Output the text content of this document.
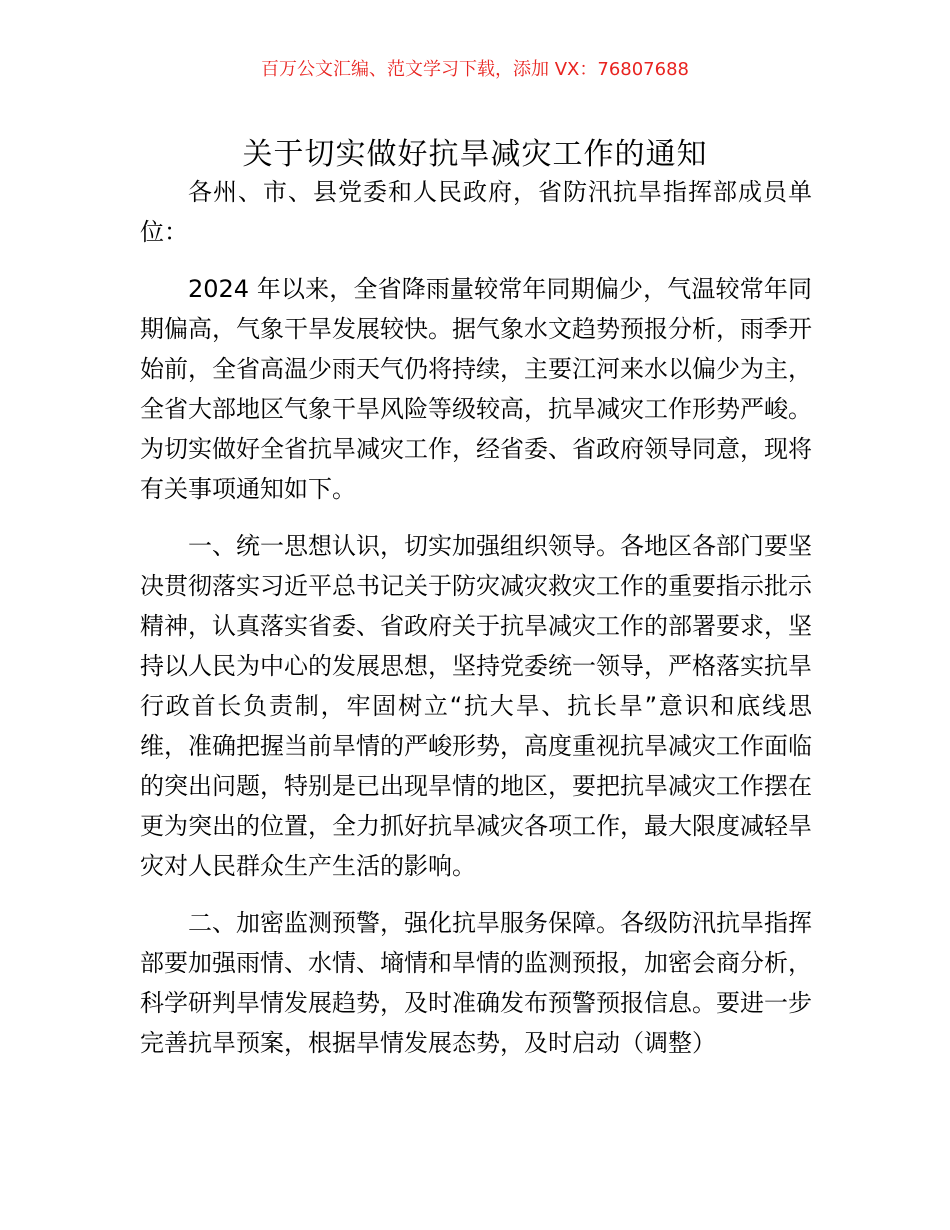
百万公文汇编、范文学习下载，添加 VX：76807688
关于切实做好抗旱减灾工作的通知

各州、市、县党委和人民政府，省防汛抗旱指挥部成员单位：

2024 年以来，全省降雨量较常年同期偏少，气温较常年同期偏高，气象干旱发展较快。据气象水文趋势预报分析，雨季开始前，全省高温少雨天气仍将持续，主要江河来水以偏少为主，全省大部地区气象干旱风险等级较高，抗旱减灾工作形势严峻。为切实做好全省抗旱减灾工作，经省委、省政府领导同意，现将有关事项通知如下。

一、统一思想认识，切实加强组织领导。各地区各部门要坚决贯彻落实习近平总书记关于防灾减灾救灾工作的重要指示批示精神，认真落实省委、省政府关于抗旱减灾工作的部署要求，坚持以人民为中心的发展思想，坚持党委统一领导，严格落实抗旱行政首长负责制，牢固树立“抗大旱、抗长旱”意识和底线思维，准确把握当前旱情的严峻形势，高度重视抗旱减灾工作面临的突出问题，特别是已出现旱情的地区，要把抗旱减灾工作摆在更为突出的位置，全力抓好抗旱减灾各项工作，最大限度减轻旱灾对人民群众生产生活的影响。

二、加密监测预警，强化抗旱服务保障。各级防汛抗旱指挥部要加强雨情、水情、墒情和旱情的监测预报，加密会商分析，科学研判旱情发展趋势，及时准确发布预警预报信息。要进一步完善抗旱预案，根据旱情发展态势，及时启动（调整）
